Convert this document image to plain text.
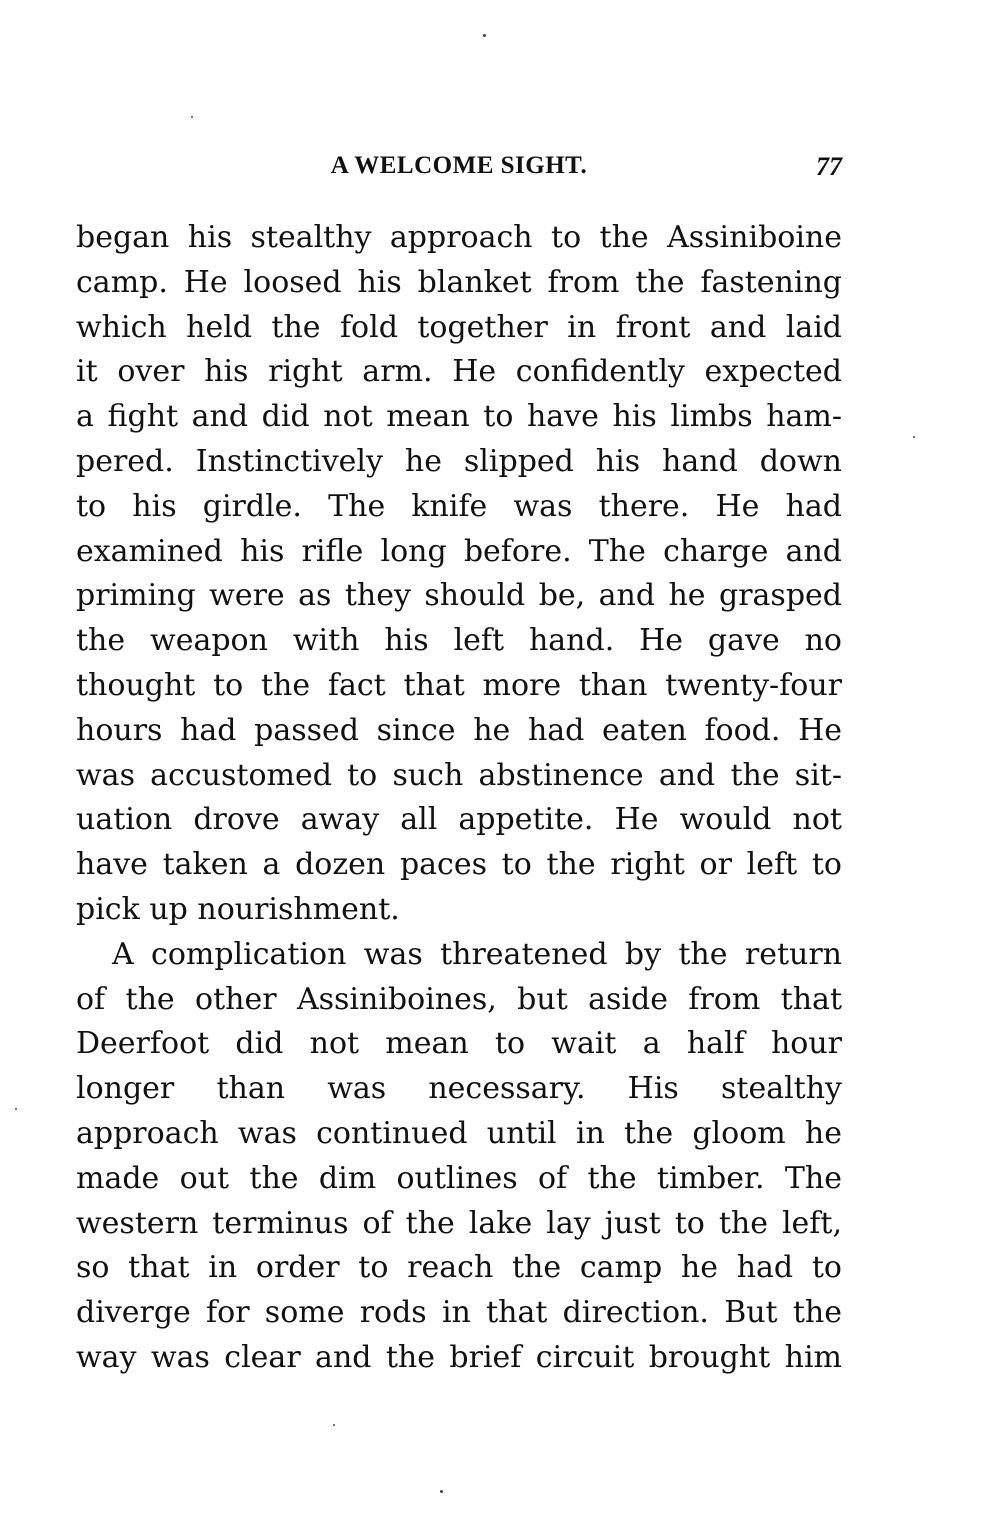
A WELCOME SIGHT.	77
began his stealthy approach to the Assiniboine
camp. He loosed his blanket from the fastening
which held the fold together in front and laid
it over his right arm. He confidently expected
a fight and did not mean to have his limbs ham-
pered. Instinctively he slipped his hand down
to his girdle. The knife was there. He had
examined his rifle long before. The charge and
priming were as they should be, and he grasped
the weapon with his left hand. He gave no
thought to the fact that more than twenty-four
hours had passed since he had eaten food. He
was accustomed to such abstinence and the sit-
uation drove away all appetite. He would not
have taken a dozen paces to the right or left to
pick up nourishment.
A complication was threatened by the return
of the other Assiniboines, but aside from that
Deerfoot did not mean to wait a half hour
longer than was necessary. His stealthy
approach was continued until in the gloom he
made out the dim outlines of the timber. The
western terminus of the lake lay just to the left,
so that in order to reach the camp he had to
diverge for some rods in that direction. But the
way was clear and the brief circuit brought him
